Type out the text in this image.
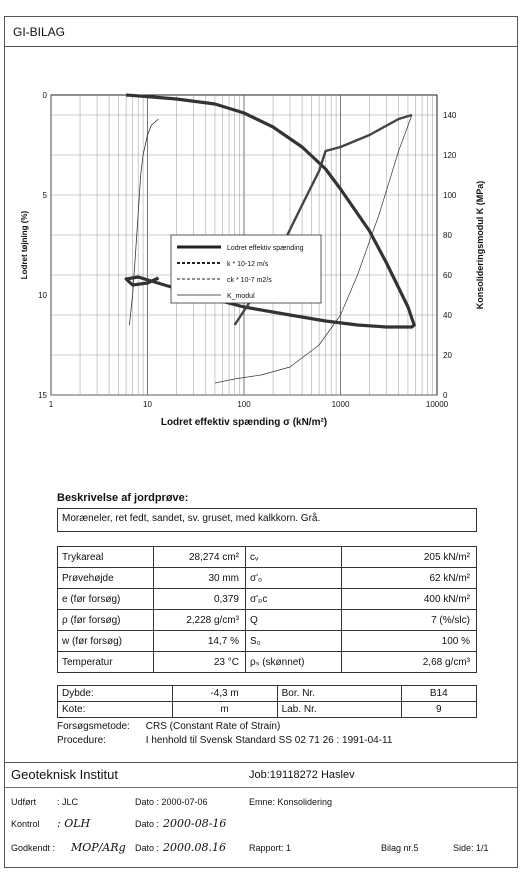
GI-BILAG
1	10	100	1000	10000
0
5
10
15	0
20
40
60
80
100
120
140
Lodret effektiv spænding σ (kN/m²)
Lodret tøjning (%)	Konsolideringsmodul K (MPa)
Lodret effektiv spænding
k * 10-12 m/s
ck * 10-7 m2/s
K_modul
Beskrivelse af jordprøve:
Moræneler, ret fedt, sandet, sv. gruset, med kalkkorn. Grå.
Trykareal	28,274 cm²	cᵥ	205 kN/m²
Prøvehøjde	30 mm	σ'ₒ	62 kN/m²
e (før forsøg)	0,379	σ'ₚc	400 kN/m²
ρ (før forsøg)	2,228 g/cm³	Q	7 (%/slc)
w (før forsøg)	14,7 %	S₀	100 %
Temperatur	23 °C	ρₛ (skønnet)	2,68 g/cm³
Dybde:	-4,3 m	Bor. Nr.	B14
Kote:	m	Lab. Nr.	9
Forsøgsmetode: CRS (Constant Rate of Strain)
Procedure:	I henhold til Svensk Standard SS 02 71 26 : 1991-04-11
Geoteknisk Institut	Job:19118272 Haslev
Udført : JLC	Dato : 2000-07-06	Emne: Konsolidering
Kontrol : OLH	Dato : 2000-08-16
Godkendt : MOP/ARg Dato : 2000.08.16	Rapport: 1	Bilag nr.5	Side: 1/1
